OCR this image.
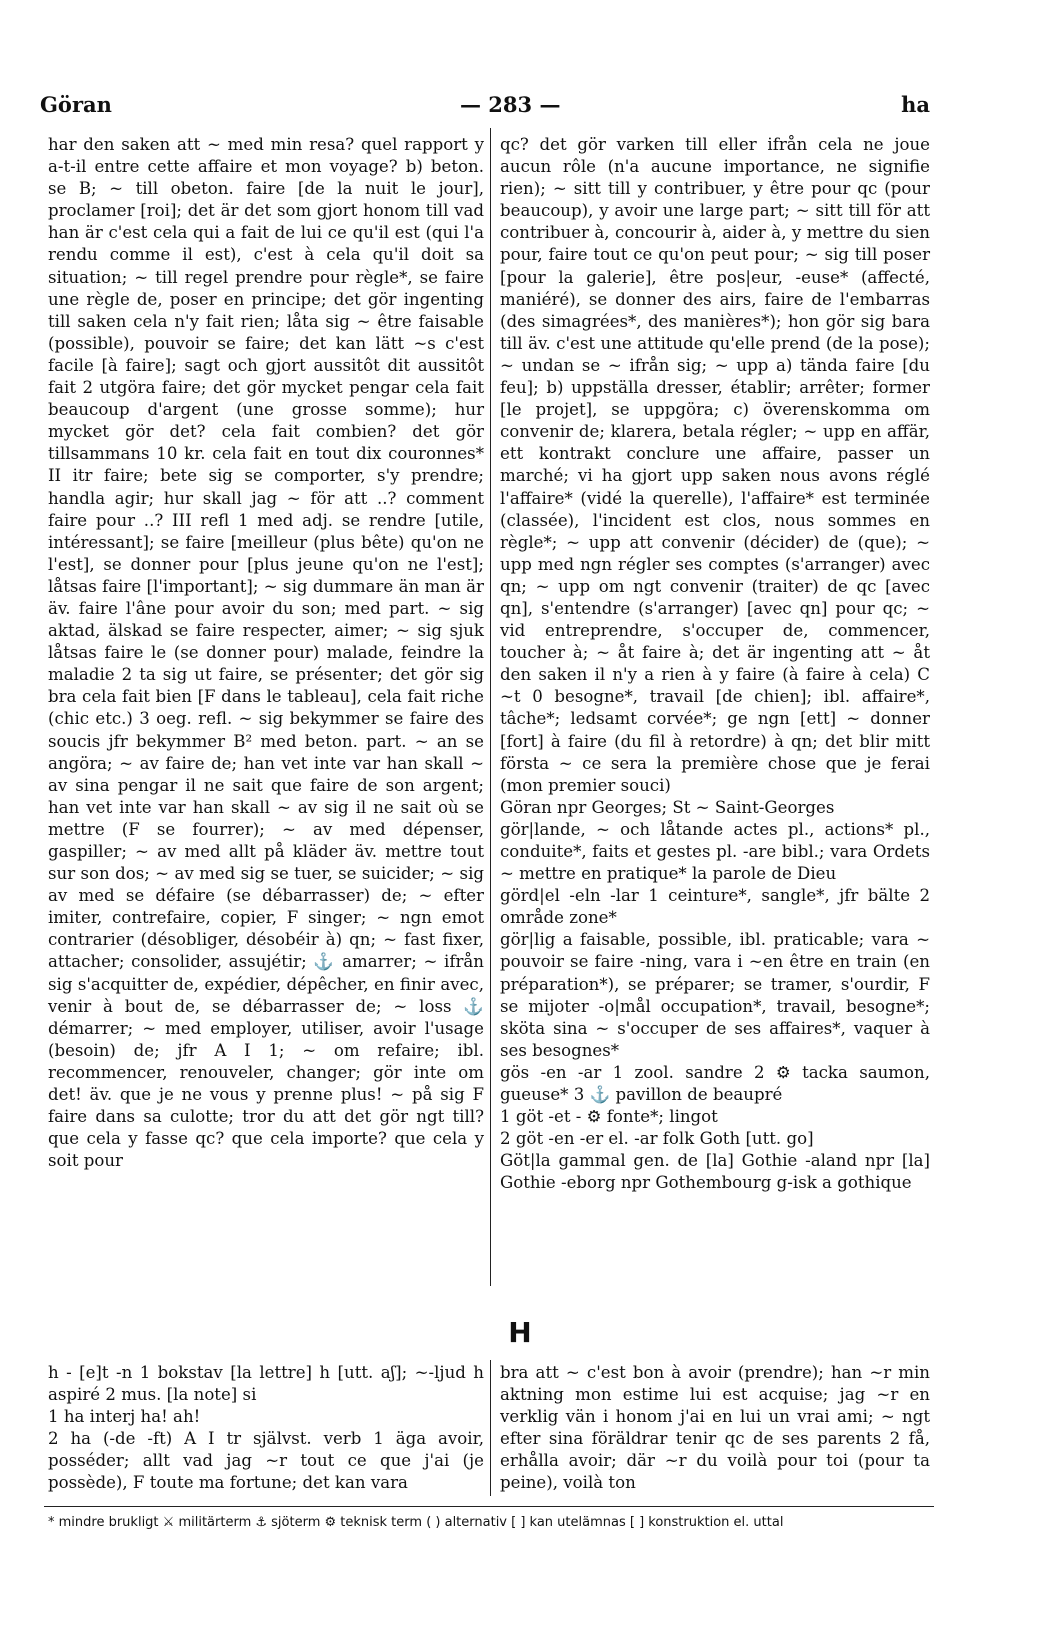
Göran	— 283 —	ha

har den saken att ~ med min resa? quel rapport y a-t-il entre cette affaire et mon voyage? b) beton. se B; ~ till obeton. faire [de la nuit le jour], proclamer [roi]; det är det som gjort honom till vad han är c'est cela qui a fait de lui ce qu'il est (qui l'a rendu comme il est), c'est à cela qu'il doit sa situation; ~ till regel prendre pour règle*, se faire une règle de, poser en principe; det gör ingenting till saken cela n'y fait rien; låta sig ~ être faisable (possible), pouvoir se faire; det kan lätt ~s c'est facile [à faire]; sagt och gjort aussitôt dit aussitôt fait 2 utgöra faire; det gör mycket pengar cela fait beaucoup d'argent (une grosse somme); hur mycket gör det? cela fait combien? det gör tillsammans 10 kr. cela fait en tout dix couronnes* II itr faire; bete sig se comporter, s'y prendre; handla agir; hur skall jag ~ för att ..? comment faire pour ..? III refl 1 med adj. se rendre [utile, intéressant]; se faire [meilleur (plus bête) qu'on ne l'est], se donner pour [plus jeune qu'on ne l'est]; låtsas faire [l'important]; ~ sig dummare än man är äv. faire l'âne pour avoir du son; med part. ~ sig aktad, älskad se faire respecter, aimer; ~ sig sjuk låtsas faire le (se donner pour) malade, feindre la maladie 2 ta sig ut faire, se présenter; det gör sig bra cela fait bien [F dans le tableau], cela fait riche (chic etc.) 3 oeg. refl. ~ sig bekymmer se faire des soucis jfr bekymmer B² med beton. part. ~ an se angöra; ~ av faire de; han vet inte var han skall ~ av sina pengar il ne sait que faire de son argent; han vet inte var han skall ~ av sig il ne sait où se mettre (F se fourrer); ~ av med dépenser, gaspiller; ~ av med allt på kläder äv. mettre tout sur son dos; ~ av med sig se tuer, se suicider; ~ sig av med se défaire (se débarrasser) de; ~ efter imiter, contrefaire, copier, F singer; ~ ngn emot contrarier (désobliger, désobéir à) qn; ~ fast fixer, attacher; consolider, assujétir; ⚓ amarrer; ~ ifrån sig s'acquitter de, expédier, dépêcher, en finir avec, venir à bout de, se débarrasser de; ~ loss ⚓ démarrer; ~ med employer, utiliser, avoir l'usage (besoin) de; jfr A I 1; ~ om refaire; ibl. recommencer, renouveler, changer; gör inte om det! äv. que je ne vous y prenne plus! ~ på sig F faire dans sa culotte; tror du att det gör ngt till? que cela y fasse qc? que cela importe? que cela y soit pour

qc? det gör varken till eller ifrån cela ne joue aucun rôle (n'a aucune importance, ne signifie rien); ~ sitt till y contribuer, y être pour qc (pour beaucoup), y avoir une large part; ~ sitt till för att contribuer à, concourir à, aider à, y mettre du sien pour, faire tout ce qu'on peut pour; ~ sig till poser [pour la galerie], être pos|eur, -euse* (affecté, maniéré), se donner des airs, faire de l'embarras (des simagrées*, des manières*); hon gör sig bara till äv. c'est une attitude qu'elle prend (de la pose); ~ undan se ~ ifrån sig; ~ upp a) tända faire [du feu]; b) uppställa dresser, établir; arrêter; former [le projet], se uppgöra; c) överenskomma om convenir de; klarera, betala régler; ~ upp en affär, ett kontrakt conclure une affaire, passer un marché; vi ha gjort upp saken nous avons réglé l'affaire* (vidé la querelle), l'affaire* est terminée (classée), l'incident est clos, nous sommes en règle*; ~ upp att convenir (décider) de (que); ~ upp med ngn régler ses comptes (s'arranger) avec qn; ~ upp om ngt convenir (traiter) de qc [avec qn], s'entendre (s'arranger) [avec qn] pour qc; ~ vid entreprendre, s'occuper de, commencer, toucher à; ~ åt faire à; det är ingenting att ~ åt den saken il n'y a rien à y faire (à faire à cela) C ~t 0 besogne*, travail [de chien]; ibl. affaire*, tâche*; ledsamt corvée*; ge ngn [ett] ~ donner [fort] à faire (du fil à retordre) à qn; det blir mitt första ~ ce sera la première chose que je ferai (mon premier souci)

Göran npr Georges; St ~ Saint-Georges

gör|lande, ~ och låtande actes pl., actions* pl., conduite*, faits et gestes pl. -are bibl.; vara Ordets ~ mettre en pratique* la parole de Dieu

görd|el -eln -lar 1 ceinture*, sangle*, jfr bälte 2 område zone*

gör|lig a faisable, possible, ibl. praticable; vara ~ pouvoir se faire -ning, vara i ~en être en train (en préparation*), se préparer; se tramer, s'ourdir, F se mijoter -o|mål occupation*, travail, besogne*; sköta sina ~ s'occuper de ses affaires*, vaquer à ses besognes*

gös -en -ar 1 zool. sandre 2 ⚙ tacka saumon, gueuse* 3 ⚓ pavillon de beaupré

1 göt -et - ⚙ fonte*; lingot

2 göt -en -er el. -ar folk Goth [utt. go]

Göt|la gammal gen. de [la] Gothie -aland npr [la] Gothie -eborg npr Gothembourg g-isk a gothique

H

h - [e]t -n 1 bokstav [la lettre] h [utt. aʃ]; ~-ljud h aspiré 2 mus. [la note] si

1 ha interj ha! ah!

2 ha (-de -ft) A I tr självst. verb 1 äga avoir, posséder; allt vad jag ~r tout ce que j'ai (je possède), F toute ma fortune; det kan vara

bra att ~ c'est bon à avoir (prendre); han ~r min aktning mon estime lui est acquise; jag ~r en verklig vän i honom j'ai en lui un vrai ami; ~ ngt efter sina föräldrar tenir qc de ses parents 2 få, erhålla avoir; där ~r du voilà pour toi (pour ta peine), voilà ton

* mindre brukligt ⚔ militärterm ⚓ sjöterm ⚙ teknisk term ( ) alternativ [ ] kan utelämnas [ ] konstruktion el. uttal
